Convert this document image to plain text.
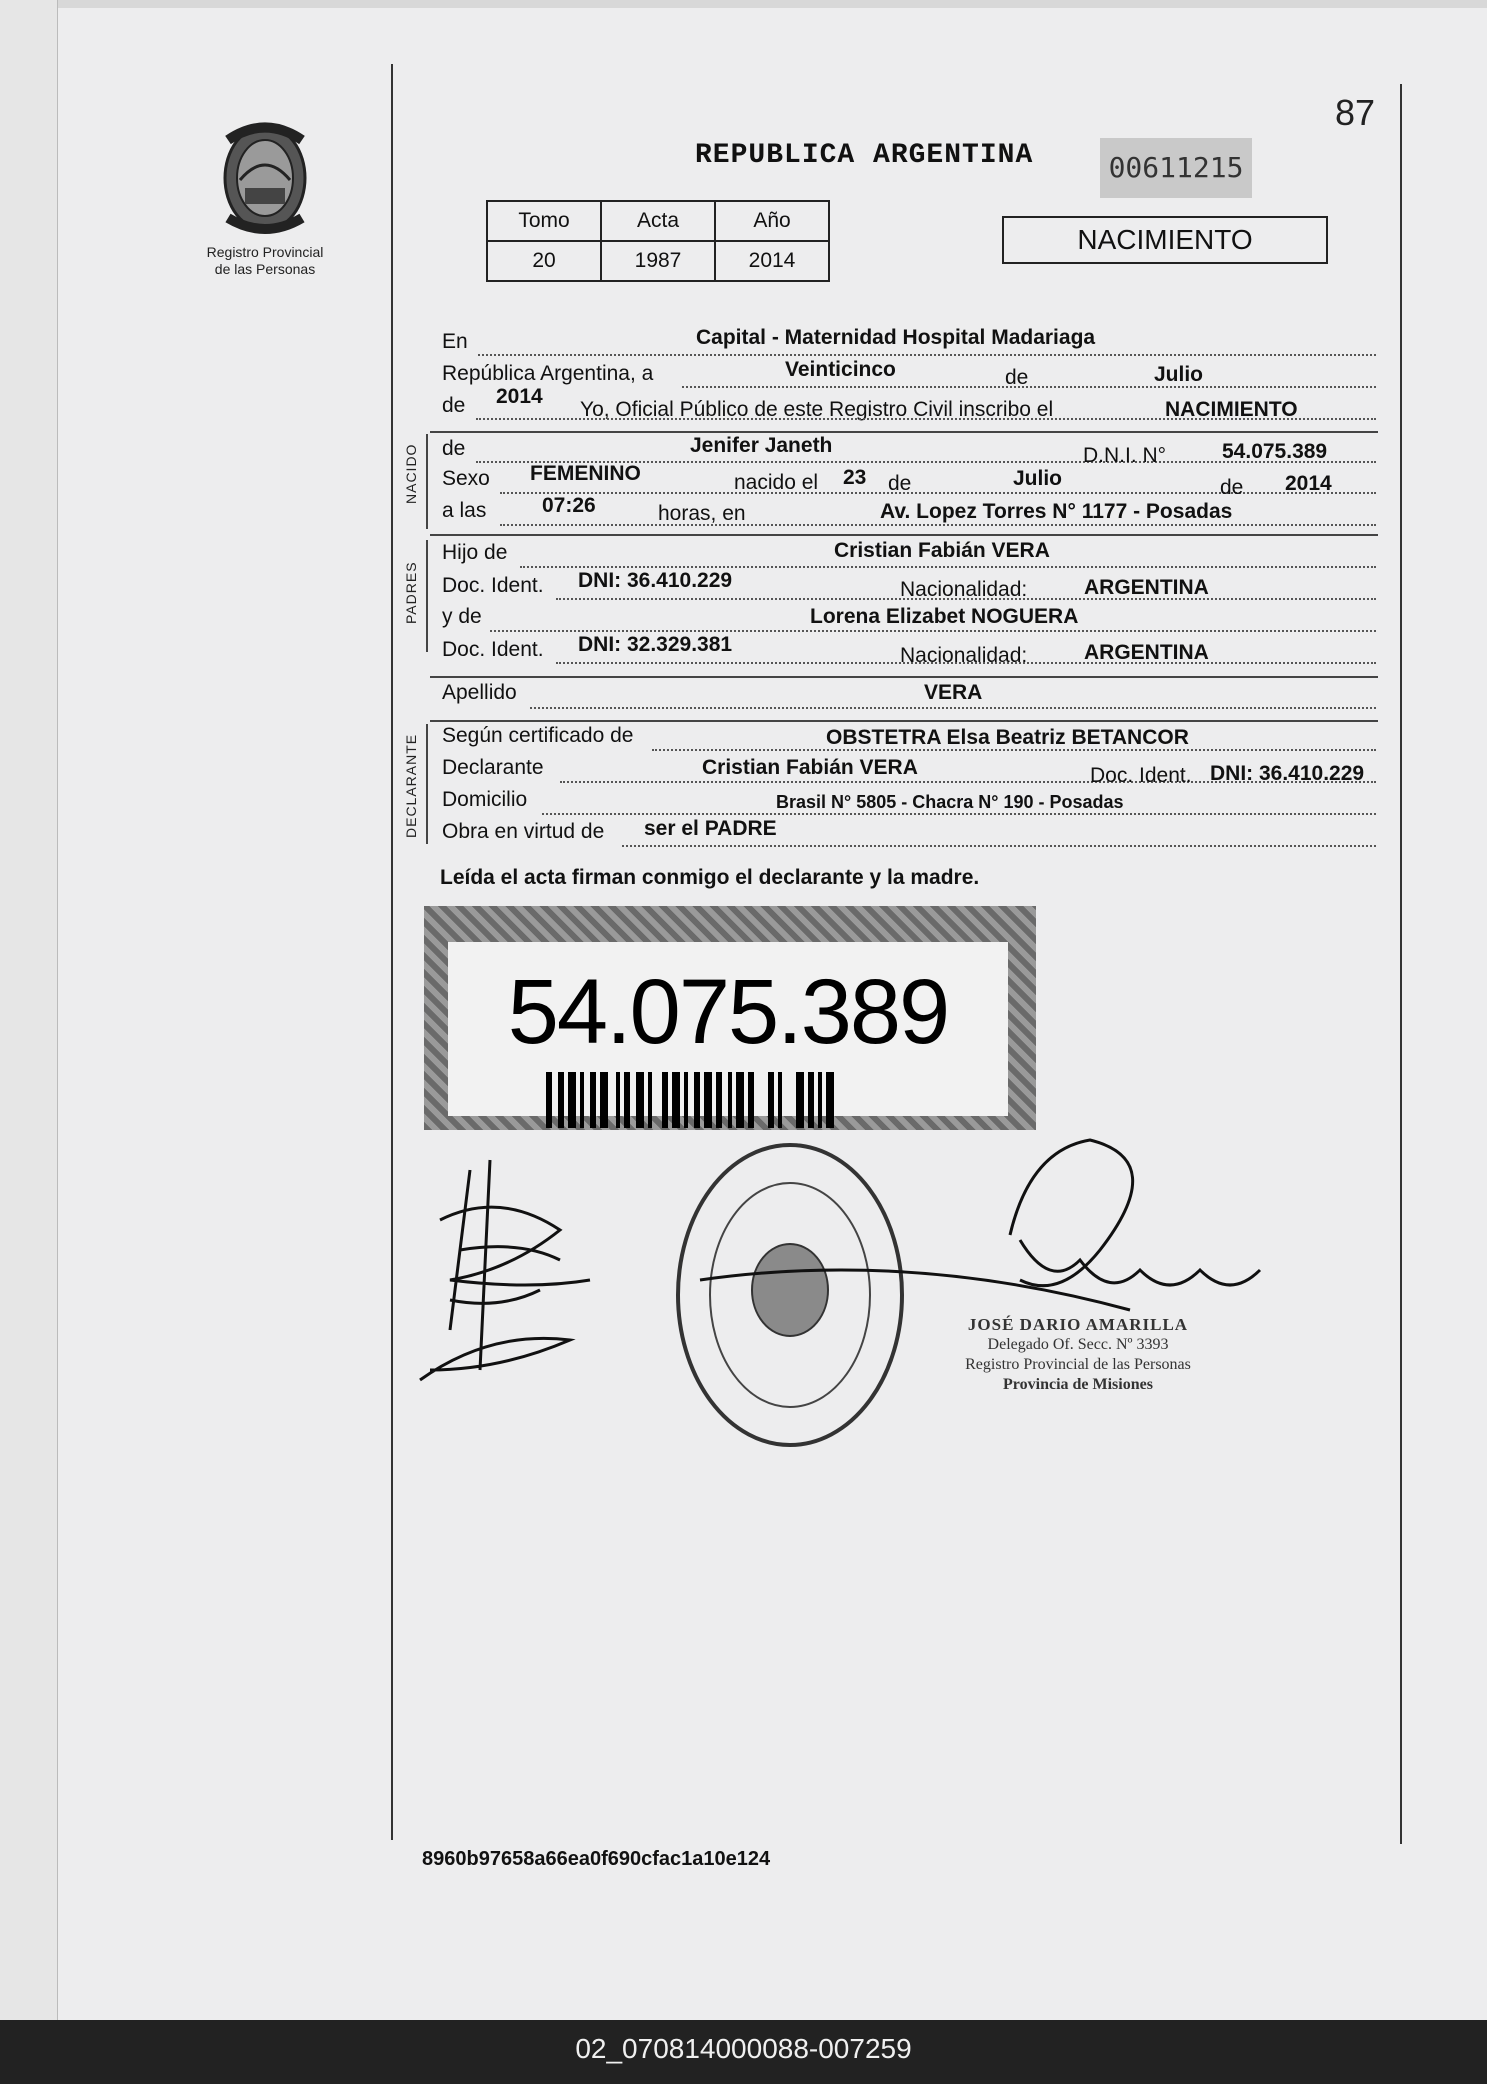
Registro Provincial
de las Personas
87
REPUBLICA ARGENTINA	00611215
Tomo	Acta	Año
20	1987	2014
NACIMIENTO
En	Capital - Maternidad Hospital Madariaga
República Argentina, a	Veinticinco	de	Julio
de 2014
Yo, Oficial Público de este Registro Civil inscribo el	NACIMIENTO
NACIDO de	Jenifer Janeth	D.N.I. N°	54.075.389
Sexo FEMENINO	nacido el 23 de	Julio	de 2014
a las	07:26	horas, en	Av. Lopez Torres N° 1177 - Posadas
PADRES
Hijo de	Cristian Fabián VERA
Doc. Ident. DNI: 36.410.229	Nacionalidad:	ARGENTINA
y de	Lorena Elizabet NOGUERA
Doc. Ident. DNI: 32.329.381	Nacionalidad:	ARGENTINA
Apellido	VERA
DECLARANTE Según certificado de	OBSTETRA Elsa Beatriz BETANCOR
Declarante	Cristian Fabián VERA	Doc. Ident. DNI: 36.410.229
Domicilio	Brasil N° 5805 - Chacra N° 190 - Posadas
Obra en virtud de ser el PADRE
Leída el acta firman conmigo el declarante y la madre.
54.075.389
JOSÉ DARIO AMARILLA
Delegado Of. Secc. Nº 3393
Registro Provincial de las Personas
Provincia de Misiones
8960b97658a66ea0f690cfac1a10e124
02_070814000088-007259
